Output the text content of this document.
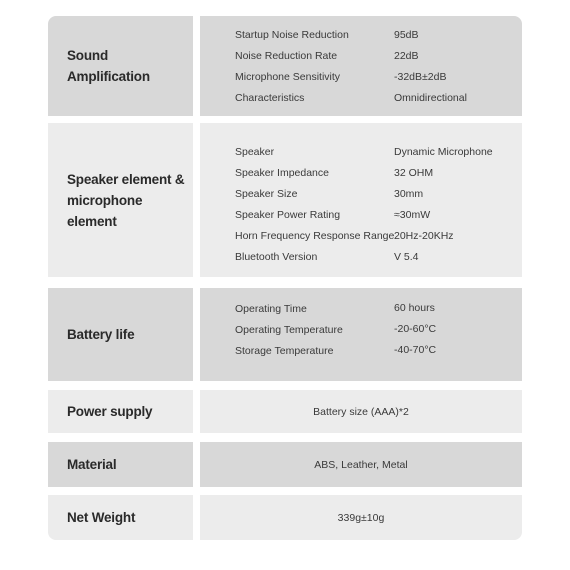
Sound Amplification
Startup Noise Reduction	95dB
Noise Reduction Rate	22dB
Microphone Sensitivity	-32dB±2dB
Characteristics	Omnidirectional
Speaker element &
microphone element
Speaker	Dynamic Microphone
Speaker Impedance	32 OHM
Speaker Size	30mm
Speaker Power Rating	≈30mW
Horn Frequency Response Range 20Hz-20KHz
Bluetooth Version	V 5.4
Battery life
Operating Time	60 hours
Operating Temperature	-20-60°C
Storage Temperature	-40-70°C
Power supply	Battery size (AAA)*2
Material	ABS, Leather, Metal
Net Weight	339g±10g
